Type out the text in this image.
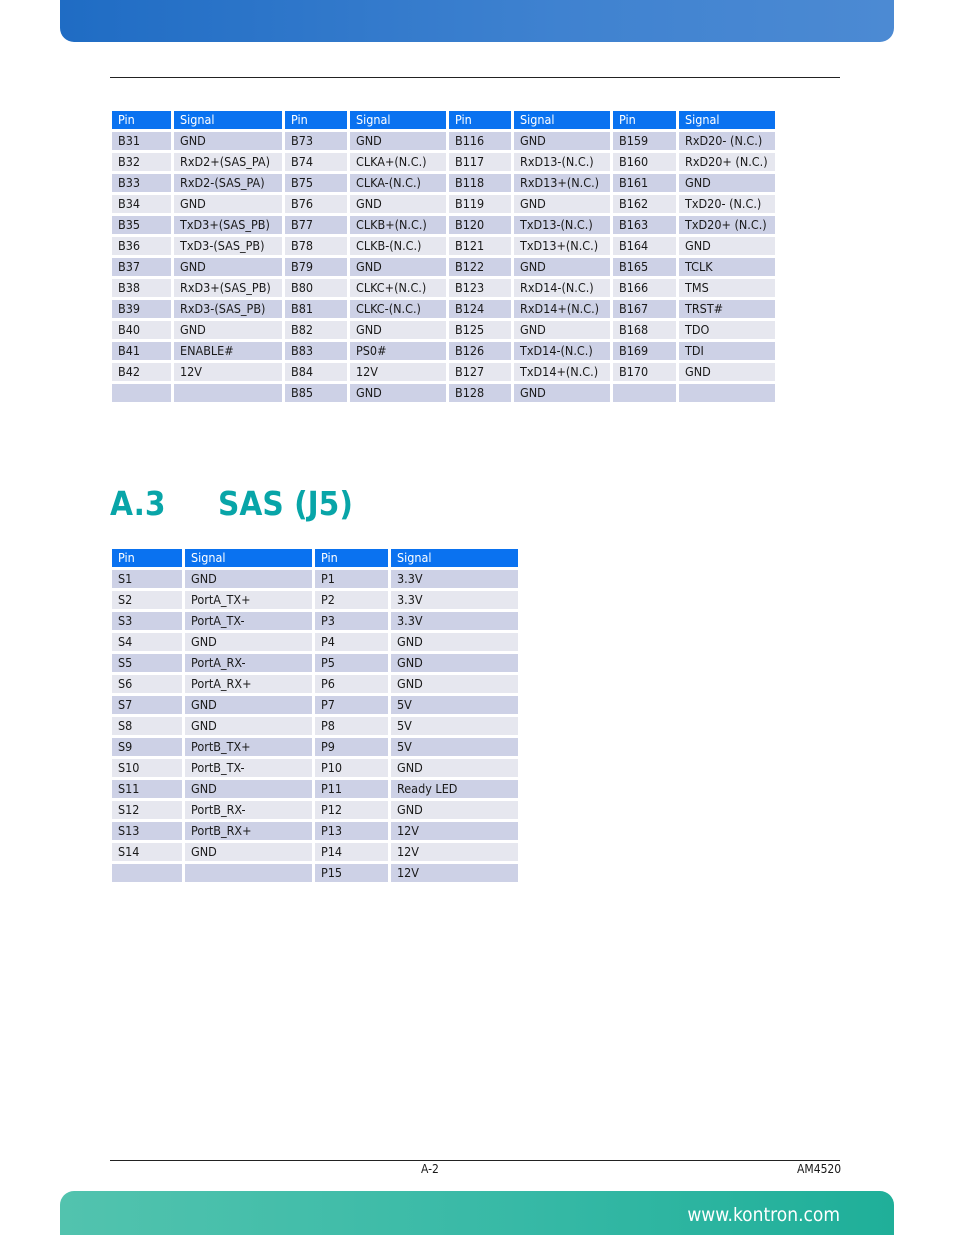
Pin	Signal	Pin	Signal	Pin	Signal	Pin	Signal
B31	GND	B73	GND	B116	GND	B159	RxD20- (N.C.)
B32	RxD2+(SAS_PA)	B74	CLKA+(N.C.)	B117	RxD13-(N.C.)	B160	RxD20+ (N.C.)
B33	RxD2-(SAS_PA)	B75	CLKA-(N.C.)	B118	RxD13+(N.C.)	B161	GND
B34	GND	B76	GND	B119	GND	B162	TxD20- (N.C.)
B35	TxD3+(SAS_PB)	B77	CLKB+(N.C.)	B120	TxD13-(N.C.)	B163	TxD20+ (N.C.)
B36	TxD3-(SAS_PB)	B78	CLKB-(N.C.)	B121	TxD13+(N.C.)	B164	GND
B37	GND	B79	GND	B122	GND	B165	TCLK
B38	RxD3+(SAS_PB)	B80	CLKC+(N.C.)	B123	RxD14-(N.C.)	B166	TMS
B39	RxD3-(SAS_PB)	B81	CLKC-(N.C.)	B124	RxD14+(N.C.)	B167	TRST#
B40	GND	B82	GND	B125	GND	B168	TDO
B41	ENABLE#	B83	PS0#	B126	TxD14-(N.C.)	B169	TDI
B42	12V	B84	12V	B127	TxD14+(N.C.)	B170	GND
		B85	GND	B128	GND		
A.3 SAS (J5)
Pin	Signal	Pin	Signal
S1	GND	P1	3.3V
S2	PortA_TX+	P2	3.3V
S3	PortA_TX-	P3	3.3V
S4	GND	P4	GND
S5	PortA_RX-	P5	GND
S6	PortA_RX+	P6	GND
S7	GND	P7	5V
S8	GND	P8	5V
S9	PortB_TX+	P9	5V
S10	PortB_TX-	P10	GND
S11	GND	P11	Ready LED
S12	PortB_RX-	P12	GND
S13	PortB_RX+	P13	12V
S14	GND	P14	12V
		P15	12V
A-2	AM4520
www.kontron.com
